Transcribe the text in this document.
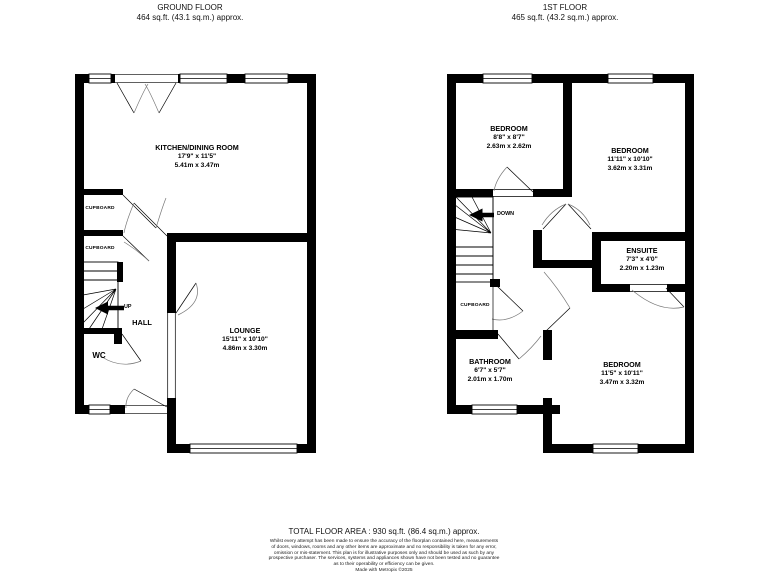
GROUND FLOOR
464 sq.ft. (43.1 sq.m.) approx.
1ST FLOOR
465 sq.ft. (43.2 sq.m.) approx.
KITCHEN/DINING ROOM
17'9" x 11'5"
5.41m x 3.47m
LOUNGE
15'11" x 10'10"
4.86m x 3.30m
CUPBOARD
CUPBOARD
UP
HALL
WC
BEDROOM
8'8" x 8'7"
2.63m x 2.62m	BEDROOM
11'11" x 10'10"
3.62m x 3.31m
ENSUITE
7'3" x 4'0"
2.20m x 1.23m
BATHROOM
6'7" x 5'7"
2.01m x 1.70m
BEDROOM
11'5" x 10'11"
3.47m x 3.32m
CUPBOARD
DOWN
TOTAL FLOOR AREA : 930 sq.ft. (86.4 sq.m.) approx.
Whilst every attempt has been made to ensure the accuracy of the floorplan contained here, measurements
of doors, windows, rooms and any other items are approximate and no responsibility is taken for any error,
omission or mis-statement. This plan is for illustrative purposes only and should be used as such by any
prospective purchaser. The services, systems and appliances shown have not been tested and no guarantee
as to their operability or efficiency can be given.
Made with Metropix ©2025
